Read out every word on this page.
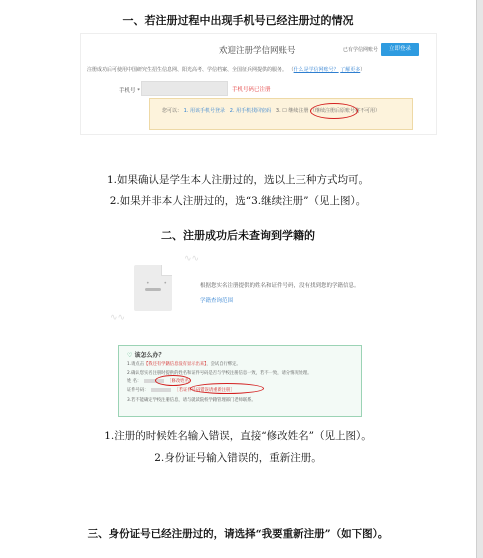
一、若注册过程中出现手机号已经注册过的情况
欢迎注册学信网账号	已有学信网账号	立即登录
注册成功后可使用中国研究生招生信息网、阳光高考、学信档案、全国征兵网提供的服务。 （什么是学信网账号？ 了解更多）
手机号 *	手机号码已注册
您可以： 1. 用该手机号登录 2. 用手机找回密码 3. ☐ 继续注册 （继续注册后原账号将不可用）
1.如果确认是学生本人注册过的，选以上三种方式均可。
2.如果并非本人注册过的，选“3.继续注册”（见上图）。
二、注册成功后未查询到学籍的
∿∿
• •
∿∿
根据您实名注册提供的姓名和证件号码，没有找到您的学籍信息。
学籍查询范围
♡ 该怎么办？
1.请点击【我还有学籍信息没有显示出来】，尝试自行绑定。
2.确认您实名注册时提供的姓名和证件号码是否与学校注册信息一致，若不一致，请分情况处理。
姓 名：	［修改姓名］
证件号码：	［若证件号码错误请重新注册］
3.若不能确定学校注册信息，请与就读院校学籍管理部门老师联系。
1.注册的时候姓名输入错误，直接“修改姓名”（见上图）。
2.身份证号输入错误的，重新注册。
三、身份证号已经注册过的，请选择“我要重新注册”（如下图）。
